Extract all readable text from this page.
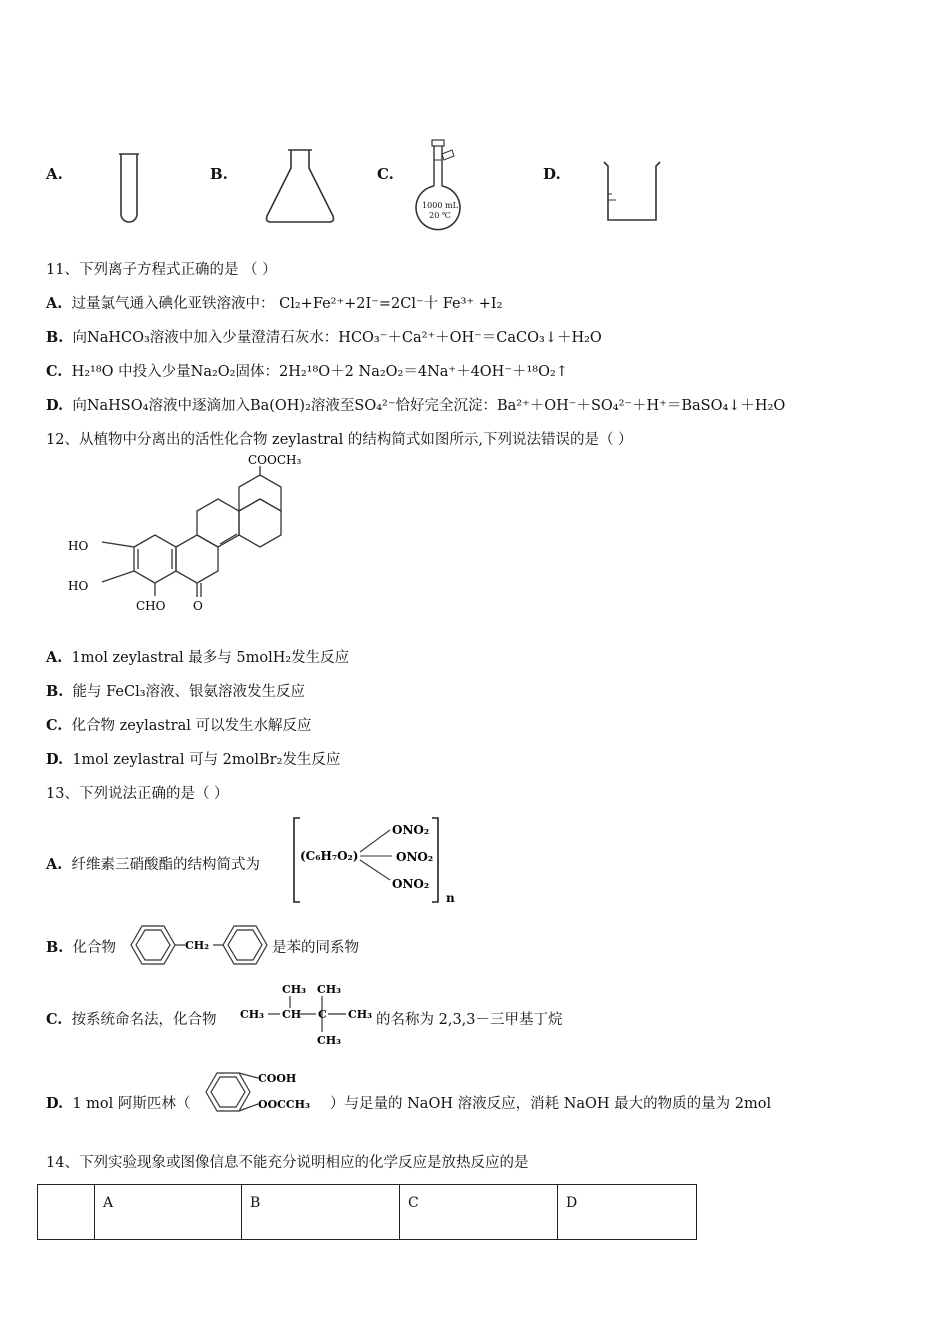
A.	B.	C.
1000 mL
20 ℃
D.
11、下列离子方程式正确的是 （ ）
A. 过量氯气通入碘化亚铁溶液中： Cl₂+Fe²⁺+2I⁻=2Cl⁻十 Fe³⁺ +I₂
B. 向NaHCO₃溶液中加入少量澄清石灰水：HCO₃⁻＋Ca²⁺＋OH⁻＝CaCO₃↓＋H₂O
C. H₂¹⁸O 中投入少量Na₂O₂固体：2H₂¹⁸O＋2 Na₂O₂＝4Na⁺＋4OH⁻＋¹⁸O₂↑
D. 向NaHSO₄溶液中逐滴加入Ba(OH)₂溶液至SO₄²⁻恰好完全沉淀：Ba²⁺＋OH⁻＋SO₄²⁻＋H⁺＝BaSO₄↓＋H₂O
12、从植物中分离出的活性化合物 zeylastral 的结构简式如图所示,下列说法错误的是（ ）
COOCH₃
HO
HO
CHO O
A. 1mol zeylastral 最多与 5molH₂发生反应
B. 能与 FeCl₃溶液、银氨溶液发生反应
C. 化合物 zeylastral 可以发生水解反应
D. 1mol zeylastral 可与 2molBr₂发生反应
13、下列说法正确的是（ ）
A. 纤维素三硝酸酯的结构简式为
(C₆H₇O₂)
ONO₂
ONO₂
ONO₂
n
B. 化合物	CH₂	是苯的同系物
C. 按系统命名法，化合物 CH₃ CH C CH₃
CH₃ CH₃
CH₃
的名称为 2,3,3－三甲基丁烷
D. 1 mol 阿斯匹林（
COOH
OOCCH₃ ）与足量的 NaOH 溶液反应，消耗 NaOH 最大的物质的量为 2mol
14、下列实验现象或图像信息不能充分说明相应的化学反应是放热反应的是
	A	B	C	D
